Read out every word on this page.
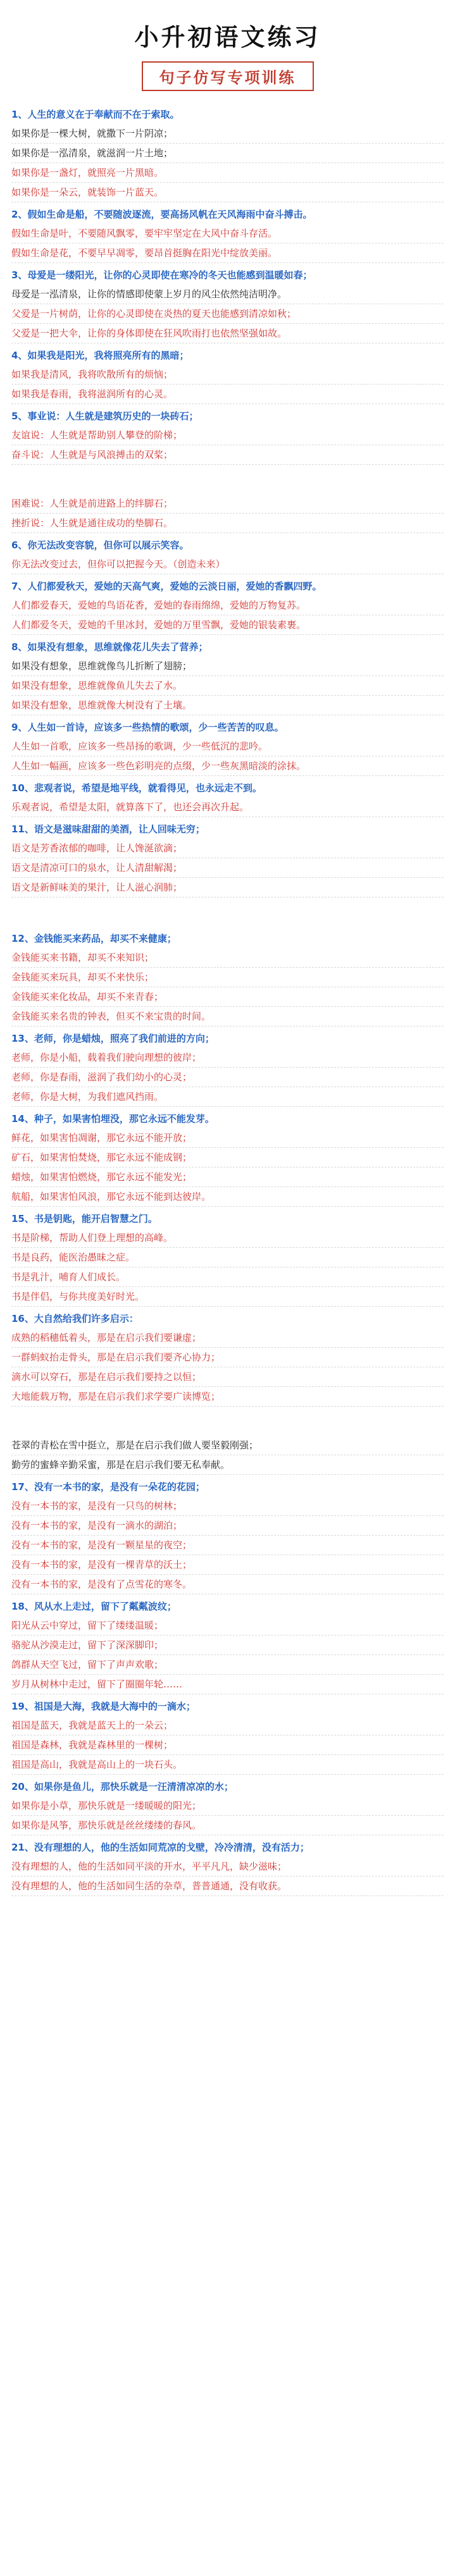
小升初语文练习
句子仿写专项训练

1、人生的意义在于奉献而不在于索取。

如果你是一棵大树，就撒下一片阴凉；

如果你是一泓清泉，就滋润一片土地；

如果你是一盏灯，就照亮一片黑暗。

如果你是一朵云，就装饰一片蓝天。

2、假如生命是船，不要随波逐流，要高扬风帆在天风海雨中奋斗搏击。

假如生命是叶，不要随风飘零，要牢牢坚定在大风中奋斗存活。

假如生命是花，不要早早凋零，要昂首挺胸在阳光中绽放美丽。

3、母爱是一缕阳光，让你的心灵即使在寒冷的冬天也能感到温暖如春；

母爱是一泓清泉，让你的情感即使蒙上岁月的风尘依然纯洁明净。

父爱是一片树荫，让你的心灵即使在炎热的夏天也能感到清凉如秋；

父爱是一把大伞，让你的身体即使在狂风吹雨打也依然坚强如故。

4、如果我是阳光，我将照亮所有的黑暗；

如果我是清风，我将吹散所有的烦恼；

如果我是春雨，我将滋润所有的心灵。

5、事业说：人生就是建筑历史的一块砖石；

友谊说：人生就是帮助别人攀登的阶梯；

奋斗说：人生就是与风浪搏击的双桨；

困难说：人生就是前进路上的绊脚石；

挫折说：人生就是通往成功的垫脚石。

6、你无法改变容貌，但你可以展示笑容。

你无法改变过去，但你可以把握今天。（创造未来）

7、人们都爱秋天，爱她的天高气爽，爱她的云淡日丽，爱她的香飘四野。

人们都爱春天，爱她的鸟语花香，爱她的春雨绵绵，爱她的万物复苏。

人们都爱冬天，爱她的千里冰封，爱她的万里雪飘，爱她的银装素裹。

8、如果没有想象，思维就像花儿失去了营养；

如果没有想象，思维就像鸟儿折断了翅膀；

如果没有想象，思维就像鱼儿失去了水。

如果没有想象，思维就像大树没有了土壤。

9、人生如一首诗，应该多一些热情的歌颂，少一些苦苦的叹息。

人生如一首歌，应该多一些昂扬的歌调，少一些低沉的悲吟。

人生如一幅画，应该多一些色彩明亮的点缀，少一些灰黑暗淡的涂抹。

10、悲观者说，希望是地平线，就看得见，也永远走不到。

乐观者说，希望是太阳，就算落下了，也还会再次升起。

11、语文是滋味甜甜的美酒，让人回味无穷；

语文是芳香浓郁的咖啡，让人馋涎欲滴；

语文是清凉可口的泉水，让人清甜解渴；

语文是新鲜味美的果汁，让人滋心润肺；

12、金钱能买来药品，却买不来健康；

金钱能买来书籍，却买不来知识；

金钱能买来玩具，却买不来快乐；

金钱能买来化妆品，却买不来青春；

金钱能买来名贵的钟表，但买不来宝贵的时间。

13、老师，你是蜡烛，照亮了我们前进的方向；

老师，你是小船，载着我们驶向理想的彼岸；

老师，你是春雨，滋润了我们幼小的心灵；

老师，你是大树，为我们遮风挡雨。

14、种子，如果害怕埋没，那它永远不能发芽。

鲜花，如果害怕凋谢，那它永远不能开放；

矿石，如果害怕焚烧，那它永远不能成钢；

蜡烛，如果害怕燃烧，那它永远不能发光；

航船，如果害怕风浪，那它永远不能到达彼岸。

15、书是钥匙，能开启智慧之门。

书是阶梯，帮助人们登上理想的高峰。

书是良药，能医治愚昧之症。

书是乳汁，哺育人们成长。

书是伴侣，与你共度美好时光。

16、大自然给我们许多启示：

成熟的稻穗低着头，那是在启示我们要谦虚；

一群蚂蚁抬走骨头，那是在启示我们要齐心协力；

滴水可以穿石，那是在启示我们要持之以恒；

大地能载万物，那是在启示我们求学要广读博览；

苍翠的青松在雪中挺立，那是在启示我们做人要坚毅刚强；

勤劳的蜜蜂辛勤采蜜，那是在启示我们要无私奉献。

17、没有一本书的家，是没有一朵花的花园；

没有一本书的家，是没有一只鸟的树林；

没有一本书的家，是没有一滴水的湖泊；

没有一本书的家，是没有一颗星星的夜空；

没有一本书的家，是没有一棵青草的沃土；

没有一本书的家，是没有了点雪花的寒冬。

18、风从水上走过，留下了粼粼波纹；

阳光从云中穿过，留下了缕缕温暖；

骆驼从沙漠走过，留下了深深脚印；

鸽群从天空飞过，留下了声声欢歌；

岁月从树林中走过，留下了圈圈年轮……

19、祖国是大海，我就是大海中的一滴水；

祖国是蓝天，我就是蓝天上的一朵云；

祖国是森林，我就是森林里的一棵树；

祖国是高山，我就是高山上的一块石头。

20、如果你是鱼儿，那快乐就是一汪清清凉凉的水；

如果你是小草，那快乐就是一缕暖暖的阳光；

如果你是风筝，那快乐就是丝丝缕缕的春风。

21、没有理想的人，他的生活如同荒凉的戈壁，冷冷清清，没有活力；

没有理想的人，他的生活如同平淡的开水，平平凡凡，缺少滋味；

没有理想的人，他的生活如同生活的杂草，普普通通，没有收获。
